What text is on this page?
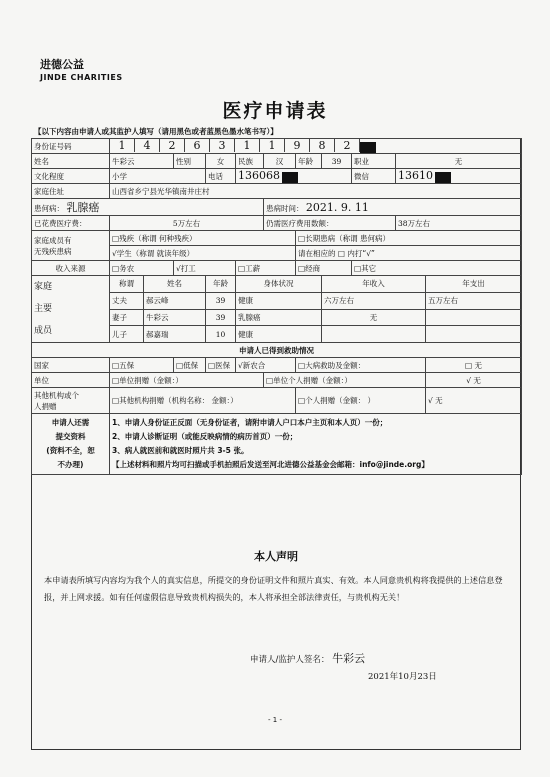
进德公益
JINDE CHARITIES
医疗申请表
【以下内容由申请人或其监护人填写（请用黑色或者蓝黑色墨水笔书写）】
身份证号码	1 4 2 6 3 1 1 9 8 2										
姓名	牛彩云		性别	女	民族	汉	年龄	39	职业	无	
文化程度	小学			电话	136068				微信	13610	
家庭住址	山西省乡宁县光华镇南井庄村										
患何病： 乳腺癌						患病时间： 2021. 9. 11					
已花费医疗费：	5万左右					仍需医疗费用数额：				38万左右	
家庭成员有
无残疾患病	□残疾（称谓 何种残疾）						□长期患病（称谓 患何病）				
	√学生（称谓 就读年级）						请在相应的 □ 内打“√”				
收入来源	□务农		√打工		□工薪		□经商		□其它		
家庭
主要
成员	称谓	姓名		年龄	身体状况			年收入			年支出
	丈夫	郝云峰		39	健康			六万左右			五万左右
	妻子	牛彩云		39	乳腺癌			无			
	儿子	郝嘉瑞		10	健康						
申请人已得到救助情况											
国家	□五保		□低保	□医保	√新农合		□大病救助及金额：				□ 无
单位	□单位捐赠（金额：）					□单位个人捐赠（金额：）					√ 无
其他机构或个
人捐赠	□其他机构捐赠（机构名称： 金额：）						□个人捐赠（金额： ）				√ 无
申请人还需
提交资料
(资料不全，恕
不办理)	1、申请人身份证正反面（无身份证者，请附申请人户口本户主页和本人页）一份；
2、申请人诊断证明（或能反映病情的病历首页）一份；
3、病人就医前和就医时照片共 3-5 张。
【上述材料和照片均可扫描或手机拍照后发送至河北进德公益基金会邮箱：info@jinde.org】										
本人声明
本申请表所填写内容均为我个人的真实信息，所提交的身份证明文件和照片真实、有效。本人同意贵机构将我提供的上述信息登报，并上网求援。如有任何虚假信息导致贵机构损失的，本人将承担全部法律责任，与贵机构无关！
申请人/监护人签名： 牛彩云
2021年10月23日
- 1 -
